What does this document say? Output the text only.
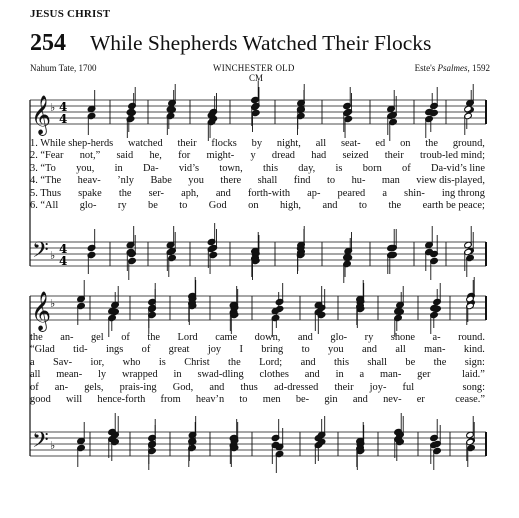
JESUS CHRIST
254 While Shepherds Watched Their Flocks
Nahum Tate, 1700	WINCHESTER OLD
CM
Este's Psalmes, 1592
𝄞
𝄢
♭
♭
4
4
4
4
𝄞
𝄢
♭
♭
1. While shep-herds watched their flocks by night, all seat- ed on the ground,
2. “Fear not,” said he, for might- y dread had seized their troub-led mind;
3. “To you, in Da- vid’s town, this day, is born of Da-vid’s line
4. “The heav- ’nly Babe you there shall find to hu- man view dis-played,
5. Thus spake the ser- aph, and forth-with ap- peared a shin- ing throng
6. “All glo- ry be to God on high, and to the earth be peace;
the an- gel of the Lord came down, and glo- ry shone a- round.
“Glad tid- ings of great joy I bring to you and all man- kind.
a Sav- ior, who is Christ the Lord; and this shall be the sign:
all mean- ly wrapped in swad-dling clothes and in a man- ger	laid.”
of an- gels, prais-ing God, and thus ad-dressed their joy- ful	song:
good will hence-forth from heav’n to men be- gin and nev- er	cease.”
